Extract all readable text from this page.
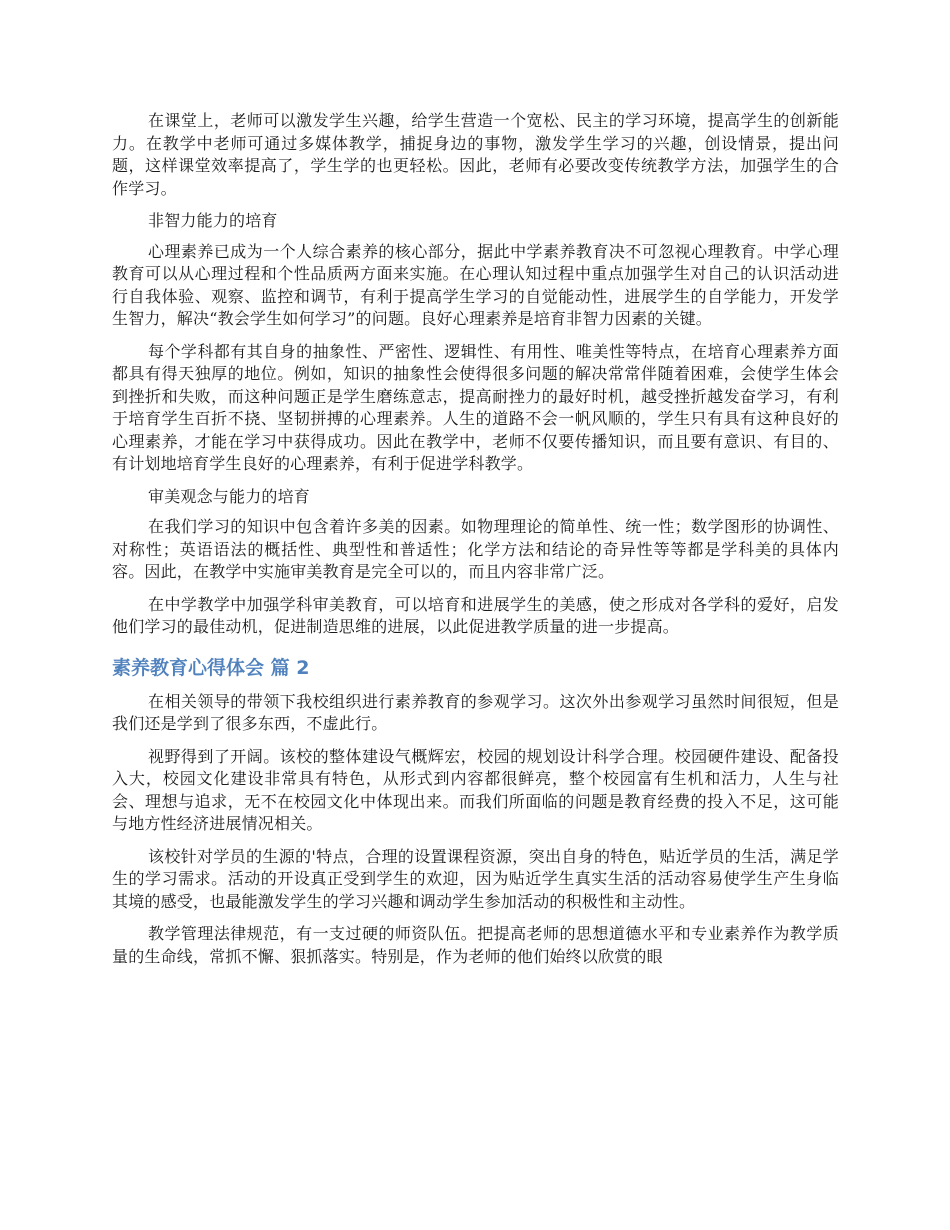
在课堂上，老师可以激发学生兴趣，给学生营造一个宽松、民主的学习环境，提高学生的创新能力。在教学中老师可通过多媒体教学，捕捉身边的事物，激发学生学习的兴趣，创设情景，提出问题，这样课堂效率提高了，学生学的也更轻松。因此，老师有必要改变传统教学方法，加强学生的合作学习。

非智力能力的培育

心理素养已成为一个人综合素养的核心部分，据此中学素养教育决不可忽视心理教育。中学心理教育可以从心理过程和个性品质两方面来实施。在心理认知过程中重点加强学生对自己的认识活动进行自我体验、观察、监控和调节，有利于提高学生学习的自觉能动性，进展学生的自学能力，开发学生智力，解决“教会学生如何学习”的问题。良好心理素养是培育非智力因素的关键。

每个学科都有其自身的抽象性、严密性、逻辑性、有用性、唯美性等特点，在培育心理素养方面都具有得天独厚的地位。例如，知识的抽象性会使得很多问题的解决常常伴随着困难，会使学生体会到挫折和失败，而这种问题正是学生磨练意志，提高耐挫力的最好时机，越受挫折越发奋学习，有利于培育学生百折不挠、坚韧拼搏的心理素养。人生的道路不会一帆风顺的，学生只有具有这种良好的心理素养，才能在学习中获得成功。因此在教学中，老师不仅要传播知识，而且要有意识、有目的、有计划地培育学生良好的心理素养，有利于促进学科教学。

审美观念与能力的培育

在我们学习的知识中包含着许多美的因素。如物理理论的简单性、统一性；数学图形的协调性、对称性；英语语法的概括性、典型性和普适性；化学方法和结论的奇异性等等都是学科美的具体内容。因此，在教学中实施审美教育是完全可以的，而且内容非常广泛。

在中学教学中加强学科审美教育，可以培育和进展学生的美感，使之形成对各学科的爱好，启发他们学习的最佳动机，促进制造思维的进展，以此促进教学质量的进一步提高。

素养教育心得体会 篇 2

在相关领导的带领下我校组织进行素养教育的参观学习。这次外出参观学习虽然时间很短，但是我们还是学到了很多东西，不虚此行。

视野得到了开阔。该校的整体建设气概辉宏，校园的规划设计科学合理。校园硬件建设、配备投入大，校园文化建设非常具有特色，从形式到内容都很鲜亮，整个校园富有生机和活力，人生与社会、理想与追求，无不在校园文化中体现出来。而我们所面临的问题是教育经费的投入不足，这可能与地方性经济进展情况相关。

该校针对学员的生源的'特点，合理的设置课程资源，突出自身的特色，贴近学员的生活，满足学生的学习需求。活动的开设真正受到学生的欢迎，因为贴近学生真实生活的活动容易使学生产生身临其境的感受，也最能激发学生的学习兴趣和调动学生参加活动的积极性和主动性。

教学管理法律规范，有一支过硬的师资队伍。把提高老师的思想道德水平和专业素养作为教学质量的生命线，常抓不懈、狠抓落实。特别是，作为老师的他们始终以欣赏的眼
